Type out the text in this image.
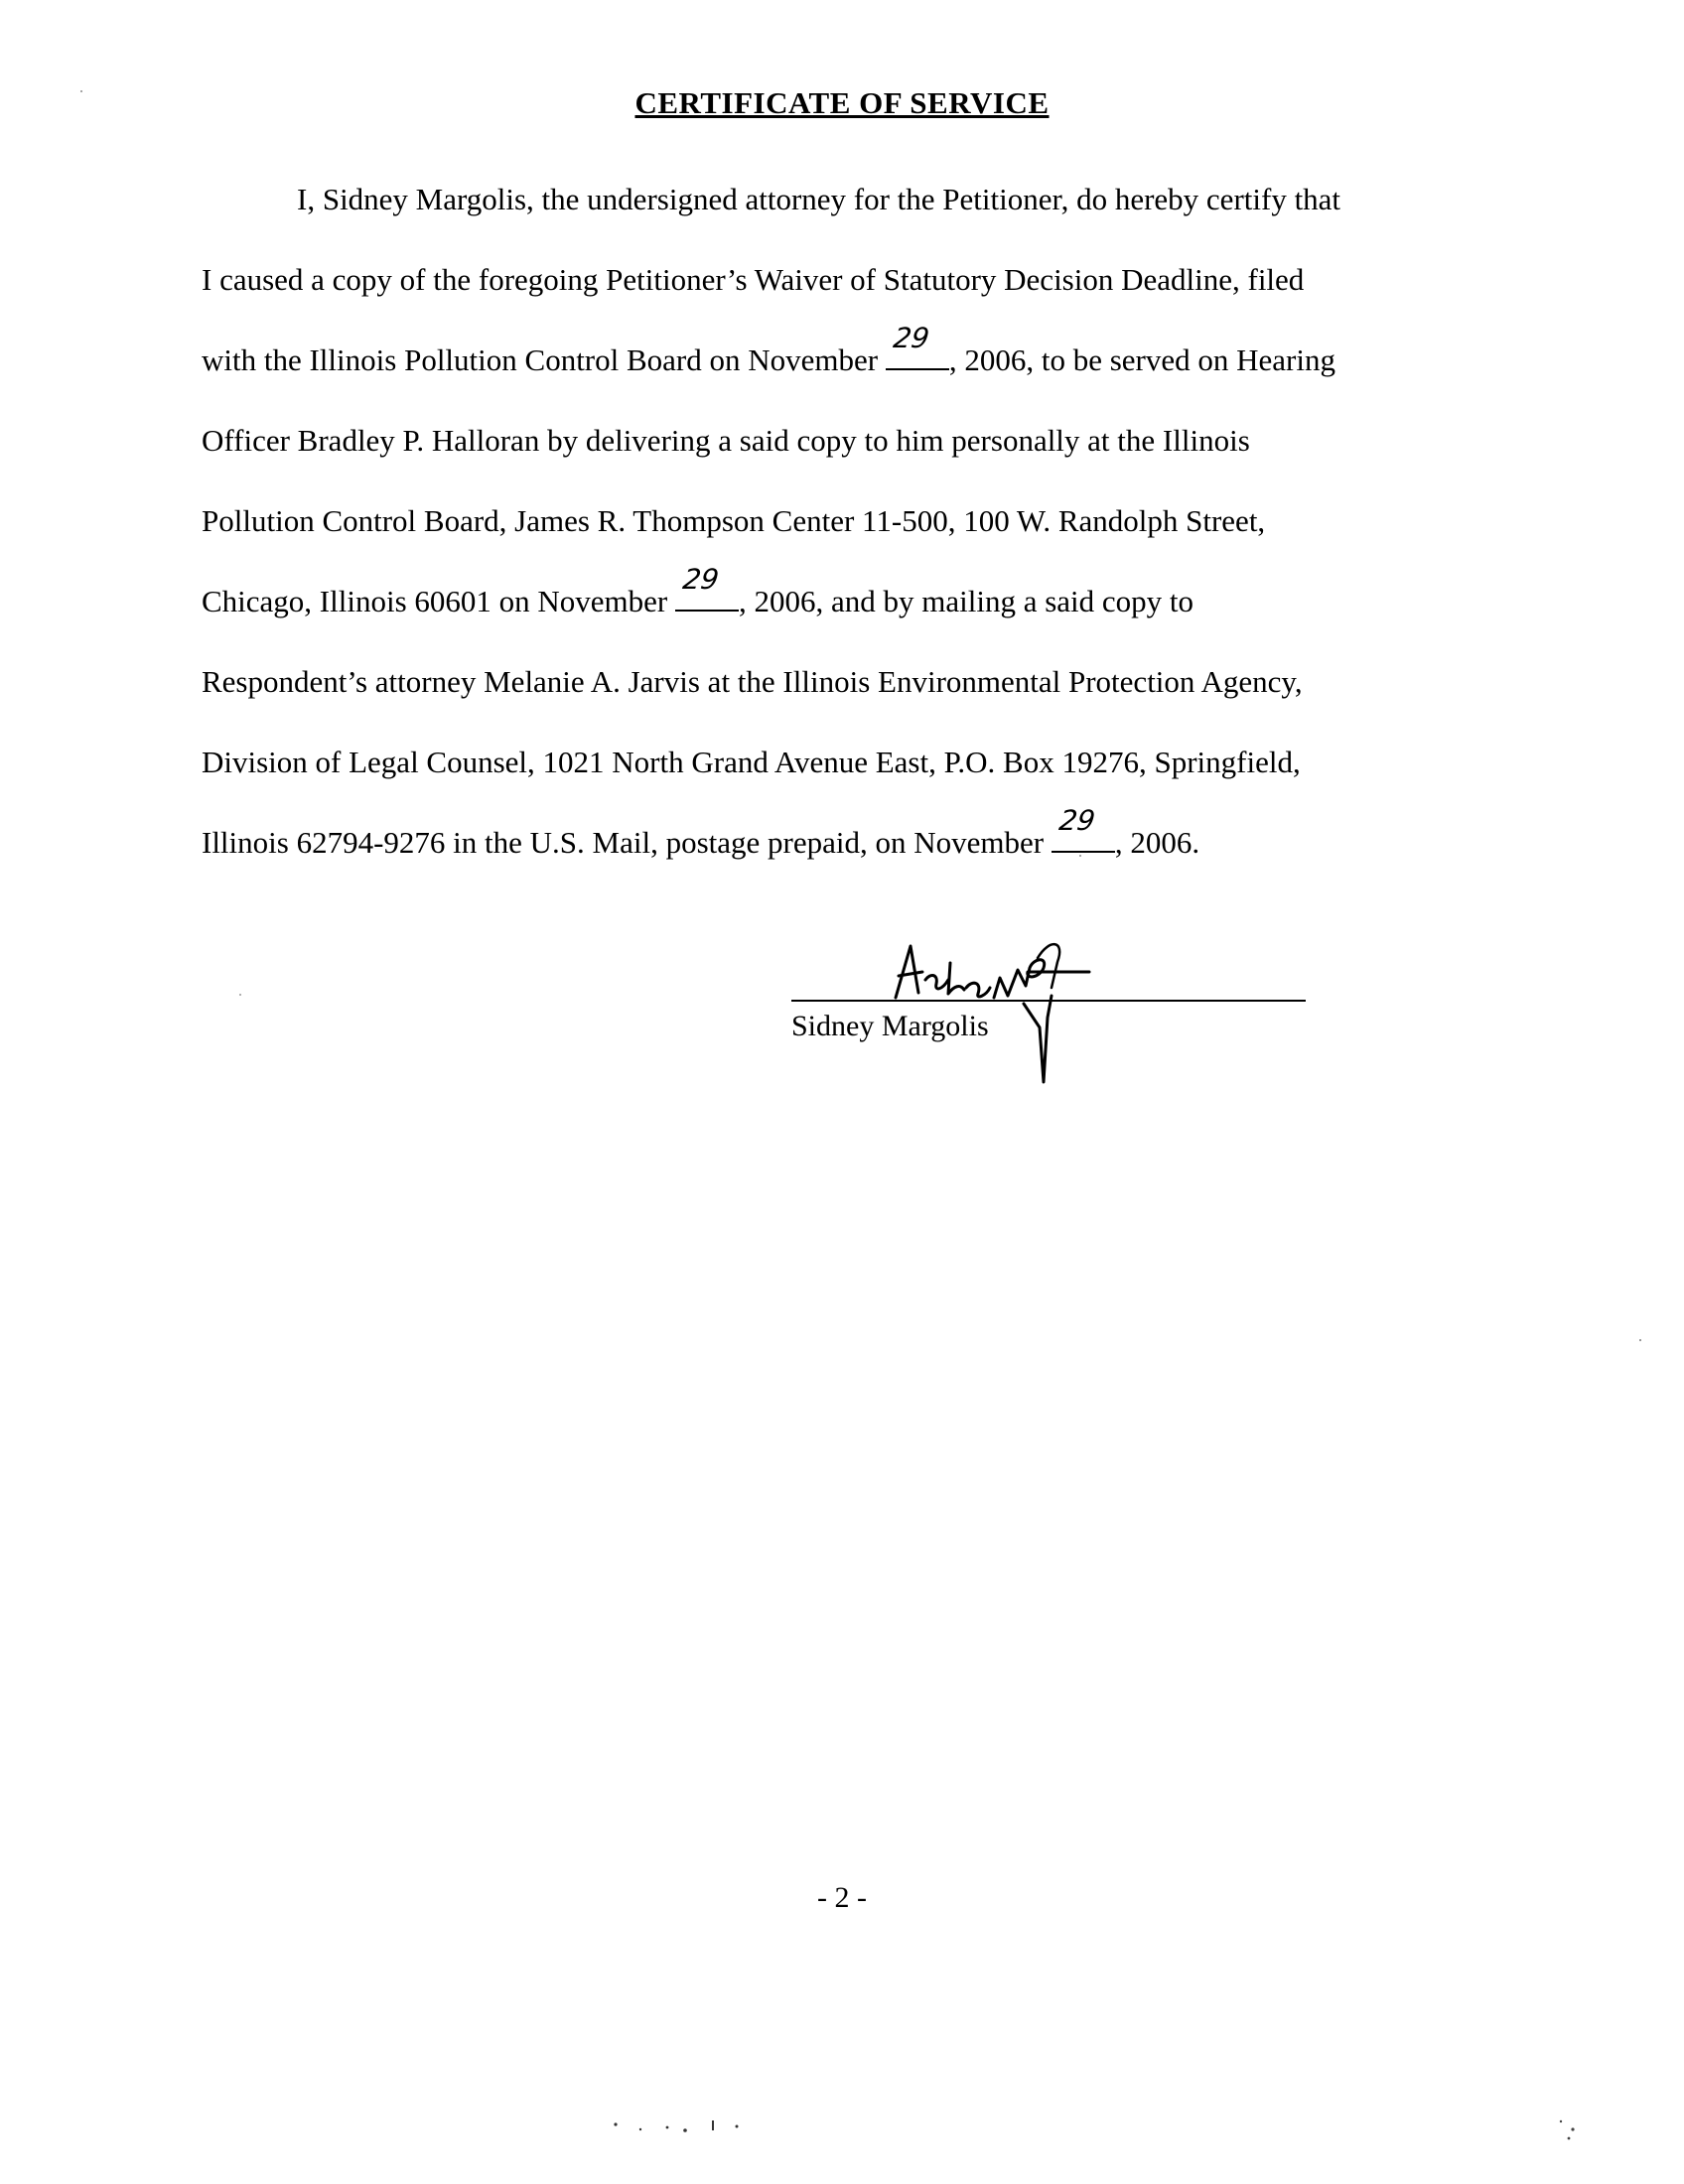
CERTIFICATE OF SERVICE
I, Sidney Margolis, the undersigned attorney for the Petitioner, do hereby certify that
I caused a copy of the foregoing Petitioner’s Waiver of Statutory Decision Deadline, filed
with the Illinois Pollution Control Board on November
29
, 2006, to be served on Hearing
Officer Bradley P. Halloran by delivering a said copy to him personally at the Illinois
Pollution Control Board, James R. Thompson Center 11-500, 100 W. Randolph Street,
Chicago, Illinois 60601 on November
29
, 2006, and by mailing a said copy to
Respondent’s attorney Melanie A. Jarvis at the Illinois Environmental Protection Agency,
Division of Legal Counsel, 1021 North Grand Avenue East, P.O. Box 19276, Springfield,
Illinois 62794-9276 in the U.S. Mail, postage prepaid, on November
29
, 2006.
Sidney Margolis
- 2 -
